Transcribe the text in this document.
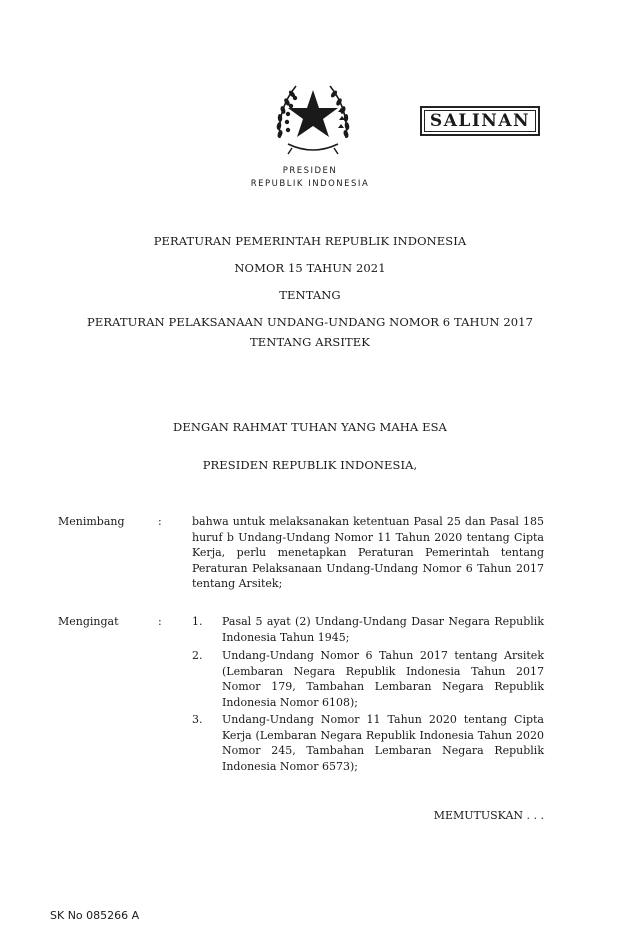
SALINAN
PRESIDEN
REPUBLIK INDONESIA
PERATURAN PEMERINTAH REPUBLIK INDONESIA
NOMOR 15 TAHUN 2021
TENTANG
PERATURAN PELAKSANAAN UNDANG-UNDANG NOMOR 6 TAHUN 2017
TENTANG ARSITEK
DENGAN RAHMAT TUHAN YANG MAHA ESA
PRESIDEN REPUBLIK INDONESIA,
Menimbang	:	bahwa untuk melaksanakan ketentuan Pasal 25 dan Pasal 185 huruf b Undang-Undang Nomor 11 Tahun 2020 tentang Cipta Kerja, perlu menetapkan Peraturan Pemerintah tentang Peraturan Pelaksanaan Undang-Undang Nomor 6 Tahun 2017 tentang Arsitek;
Mengingat	:	1. Pasal 5 ayat (2) Undang-Undang Dasar Negara Republik Indonesia Tahun 1945;
2. Undang-Undang Nomor 6 Tahun 2017 tentang Arsitek (Lembaran Negara Republik Indonesia Tahun 2017 Nomor 179, Tambahan Lembaran Negara Republik Indonesia Nomor 6108);
3. Undang-Undang Nomor 11 Tahun 2020 tentang Cipta Kerja (Lembaran Negara Republik Indonesia Tahun 2020 Nomor 245, Tambahan Lembaran Negara Republik Indonesia Nomor 6573);
MEMUTUSKAN . . .
SK No 085266 A
